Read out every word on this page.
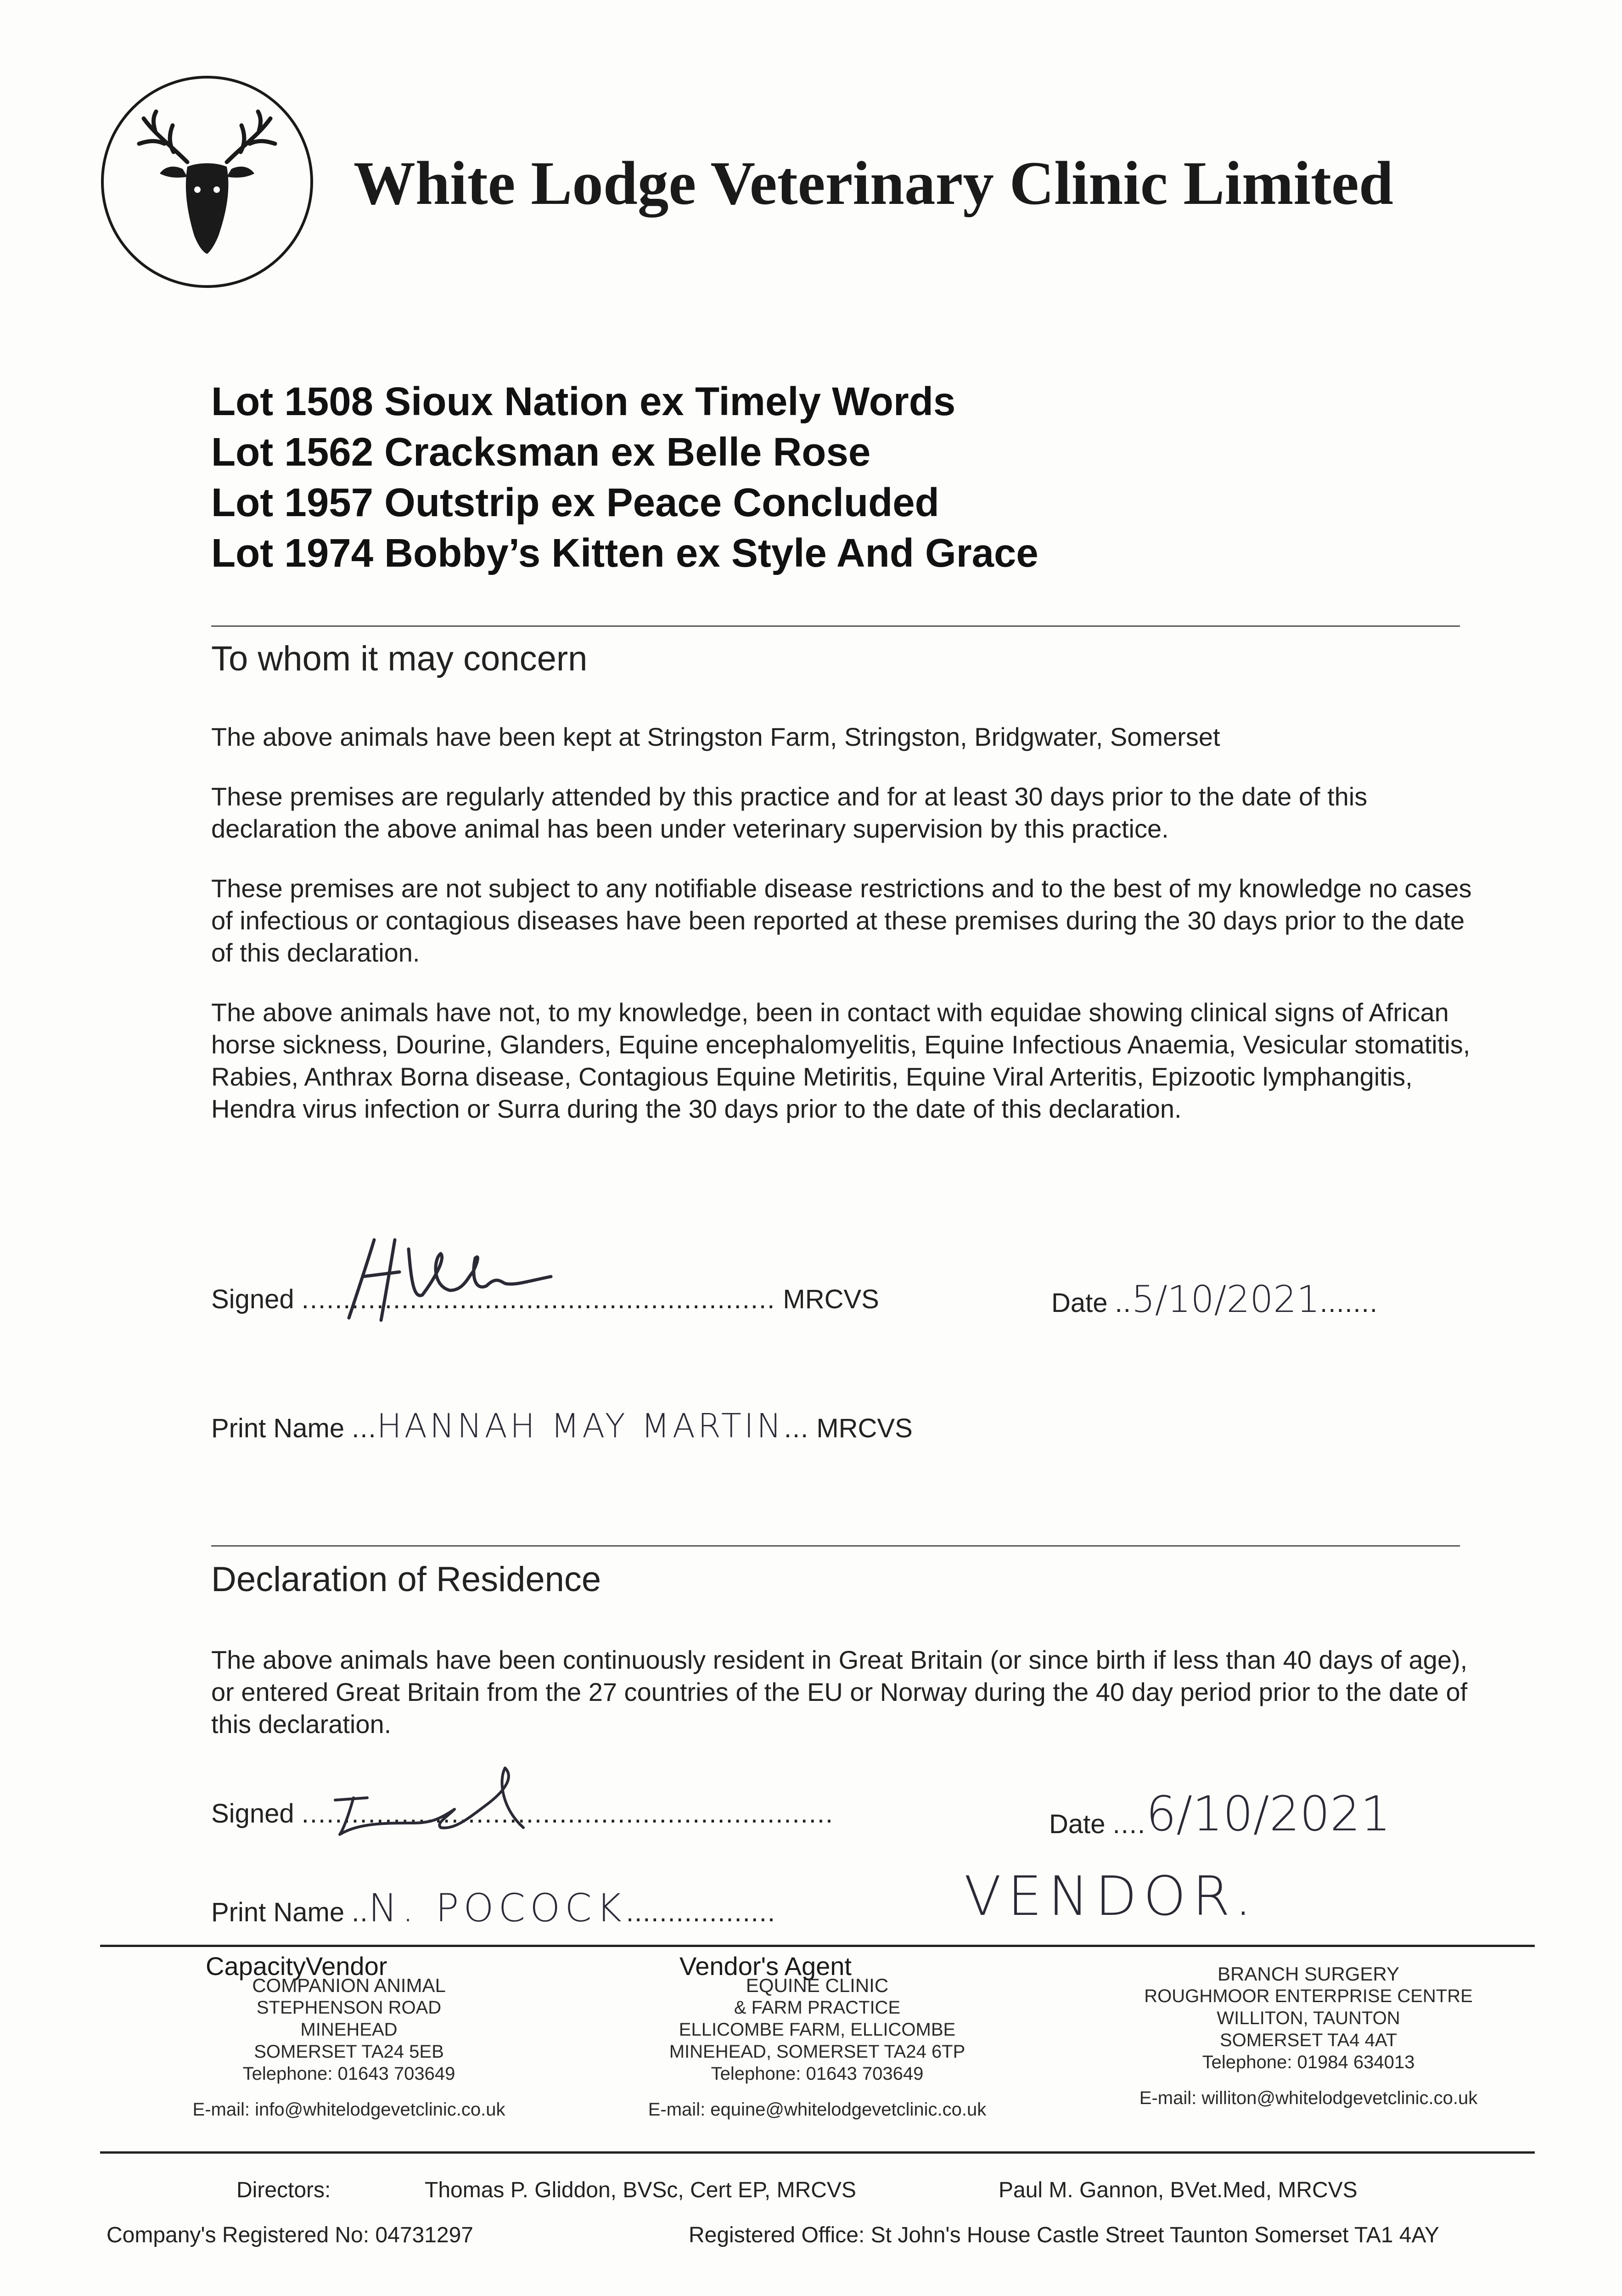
White Lodge Veterinary Clinic Limited
Lot 1508 Sioux Nation ex Timely Words
Lot 1562 Cracksman ex Belle Rose
Lot 1957 Outstrip ex Peace Concluded
Lot 1974 Bobby’s Kitten ex Style And Grace
To whom it may concern

The above animals have been kept at Stringston Farm, Stringston, Bridgwater, Somerset

These premises are regularly attended by this practice and for at least 30 days prior to the date of this declaration the above animal has been under veterinary supervision by this practice.

These premises are not subject to any notifiable disease restrictions and to the best of my knowledge no cases of infectious or contagious diseases have been reported at these premises during the 30 days prior to the date of this declaration.

The above animals have not, to my knowledge, been in contact with equidae showing clinical signs of African horse sickness, Dourine, Glanders, Equine encephalomyelitis, Equine Infectious Anaemia, Vesicular stomatitis, Rabies, Anthrax Borna disease, Contagious Equine Metiritis, Equine Viral Arteritis, Epizootic lymphangitis, Hendra virus infection or Surra during the 30 days prior to the date of this declaration.

Signed ......................................................... MRCVS	Date ..5/10/2021.......
Print Name ...HANNAH MAY MARTIN... MRCVS
Declaration of Residence

The above animals have been continuously resident in Great Britain (or since birth if less than 40 days of age), or entered Great Britain from the 27 countries of the EU or Norway during the 40 day period prior to the date of this declaration.

Signed ................................................................	Date ....6/10/2021
Print Name ..N. POCOCK..................	VENDOR.
CapacityVendor	Vendor's Agent
COMPANION ANIMAL
STEPHENSON ROAD
MINEHEAD
SOMERSET TA24 5EB
Telephone: 01643 703649
E-mail: info@whitelodgevetclinic.co.uk
EQUINE CLINIC
& FARM PRACTICE
ELLICOMBE FARM, ELLICOMBE
MINEHEAD, SOMERSET TA24 6TP
Telephone: 01643 703649
E-mail: equine@whitelodgevetclinic.co.uk
BRANCH SURGERY
ROUGHMOOR ENTERPRISE CENTRE
WILLITON, TAUNTON
SOMERSET TA4 4AT
Telephone: 01984 634013
E-mail: williton@whitelodgevetclinic.co.uk
Directors:	Thomas P. Gliddon, BVSc, Cert EP, MRCVS	Paul M. Gannon, BVet.Med, MRCVS
Company's Registered No: 04731297	Registered Office: St John's House Castle Street Taunton Somerset TA1 4AY
